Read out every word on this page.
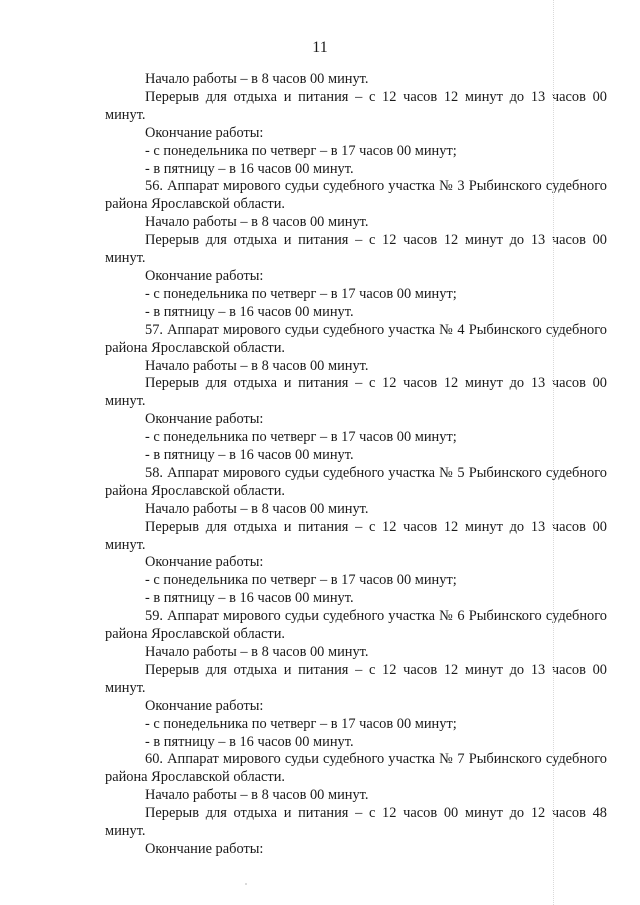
11

Начало работы – в 8 часов 00 минут.

Перерыв для отдыха и питания – с 12 часов 12 минут до 13 часов 00 минут.

Окончание работы:

- с понедельника по четверг – в 17 часов 00 минут;

- в пятницу – в 16 часов 00 минут.

56. Аппарат мирового судьи судебного участка № 3 Рыбинского судебного района Ярославской области.

Начало работы – в 8 часов 00 минут.

Перерыв для отдыха и питания – с 12 часов 12 минут до 13 часов 00 минут.

Окончание работы:

- с понедельника по четверг – в 17 часов 00 минут;

- в пятницу – в 16 часов 00 минут.

57. Аппарат мирового судьи судебного участка № 4 Рыбинского судебного района Ярославской области.

Начало работы – в 8 часов 00 минут.

Перерыв для отдыха и питания – с 12 часов 12 минут до 13 часов 00 минут.

Окончание работы:

- с понедельника по четверг – в 17 часов 00 минут;

- в пятницу – в 16 часов 00 минут.

58. Аппарат мирового судьи судебного участка № 5 Рыбинского судебного района Ярославской области.

Начало работы – в 8 часов 00 минут.

Перерыв для отдыха и питания – с 12 часов 12 минут до 13 часов 00 минут.

Окончание работы:

- с понедельника по четверг – в 17 часов 00 минут;

- в пятницу – в 16 часов 00 минут.

59. Аппарат мирового судьи судебного участка № 6 Рыбинского судебного района Ярославской области.

Начало работы – в 8 часов 00 минут.

Перерыв для отдыха и питания – с 12 часов 12 минут до 13 часов 00 минут.

Окончание работы:

- с понедельника по четверг – в 17 часов 00 минут;

- в пятницу – в 16 часов 00 минут.

60. Аппарат мирового судьи судебного участка № 7 Рыбинского судебного района Ярославской области.

Начало работы – в 8 часов 00 минут.

Перерыв для отдыха и питания – с 12 часов 00 минут до 12 часов 48 минут.

Окончание работы:
